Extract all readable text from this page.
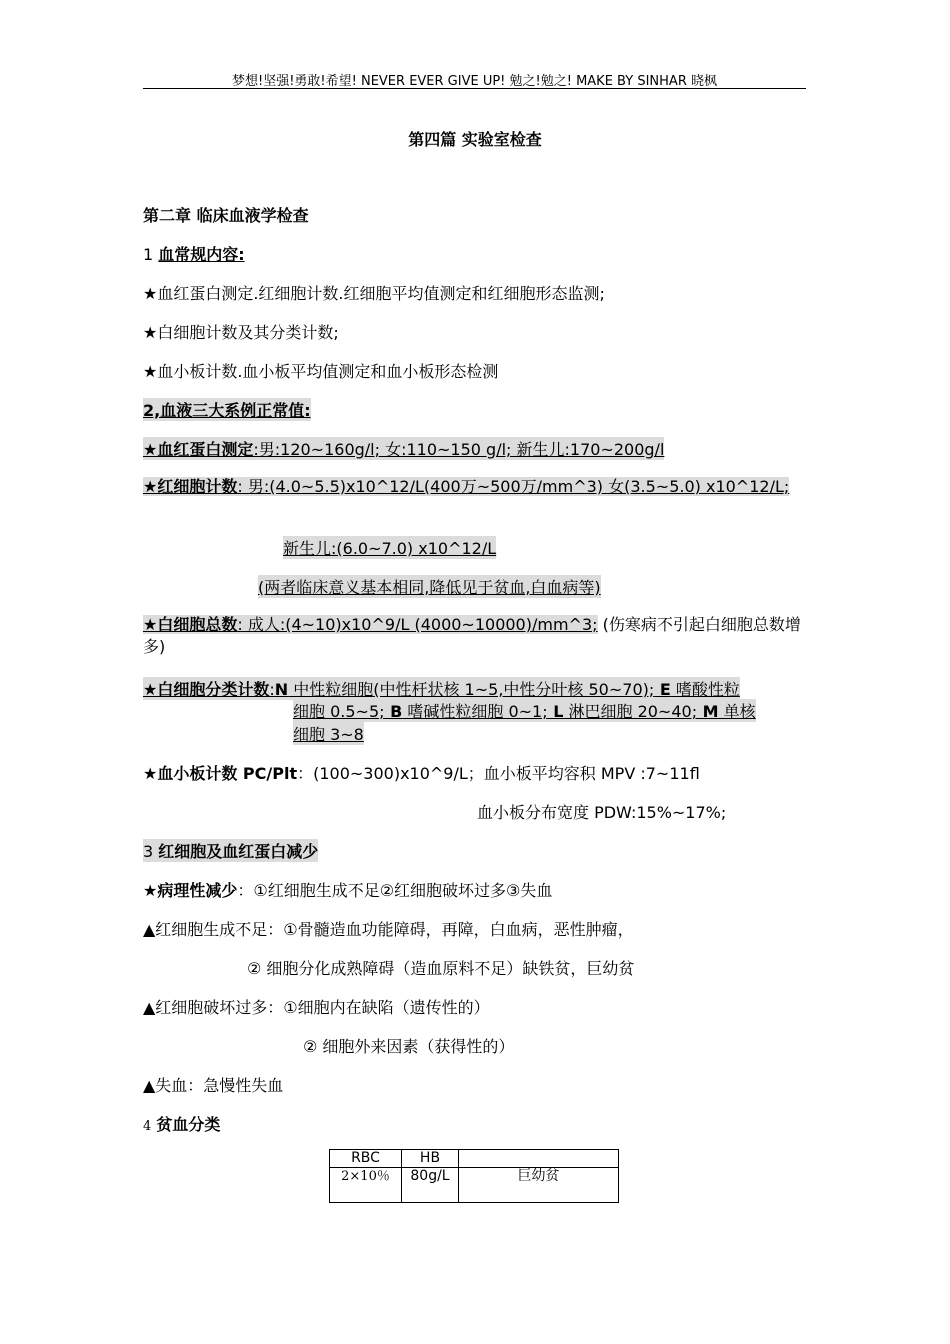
梦想!坚强!勇敢!希望! NEVER EVER GIVE UP! 勉之!勉之! MAKE BY SINHAR 晓枫
第四篇 实验室检查
第二章 临床血液学检查
1 血常规内容:
★血红蛋白测定.红细胞计数.红细胞平均值测定和红细胞形态监测;
★白细胞计数及其分类计数;
★血小板计数.血小板平均值测定和血小板形态检测
2,血液三大系例正常值:
★血红蛋白测定:男:120~160g/l; 女:110~150 g/l; 新生儿:170~200g/l
★红细胞计数: 男:(4.0~5.5)x10^12/L(400万~500万/mm^3) 女(3.5~5.0) x10^12/L;
新生儿:(6.0~7.0) x10^12/L
(两者临床意义基本相同,降低见于贫血,白血病等)
★白细胞总数: 成人:(4~10)x10^9/L (4000~10000)/mm^3; (伤寒病不引起白细胞总数增多)
★白细胞分类计数:N 中性粒细胞(中性杆状核 1~5,中性分叶核 50~70); E 嗜酸性粒
细胞 0.5~5; B 嗜碱性粒细胞 0~1; L 淋巴细胞 20~40; M 单核
细胞 3~8
★血小板计数 PC/Plt：(100~300)x10^9/L；血小板平均容积 MPV :7~11fl
血小板分布宽度 PDW:15%~17%;
3 红细胞及血红蛋白减少
★病理性减少：①红细胞生成不足②红细胞破坏过多③失血
▲红细胞生成不足：①骨髓造血功能障碍，再障，白血病，恶性肿瘤，
② 细胞分化成熟障碍（造血原料不足）缺铁贫，巨幼贫
▲红细胞破坏过多：①细胞内在缺陷（遗传性的）
② 细胞外来因素（获得性的）
▲失血：急慢性失血
4 贫血分类
RBC	HB	
2×10％	80g/L	巨幼贫
